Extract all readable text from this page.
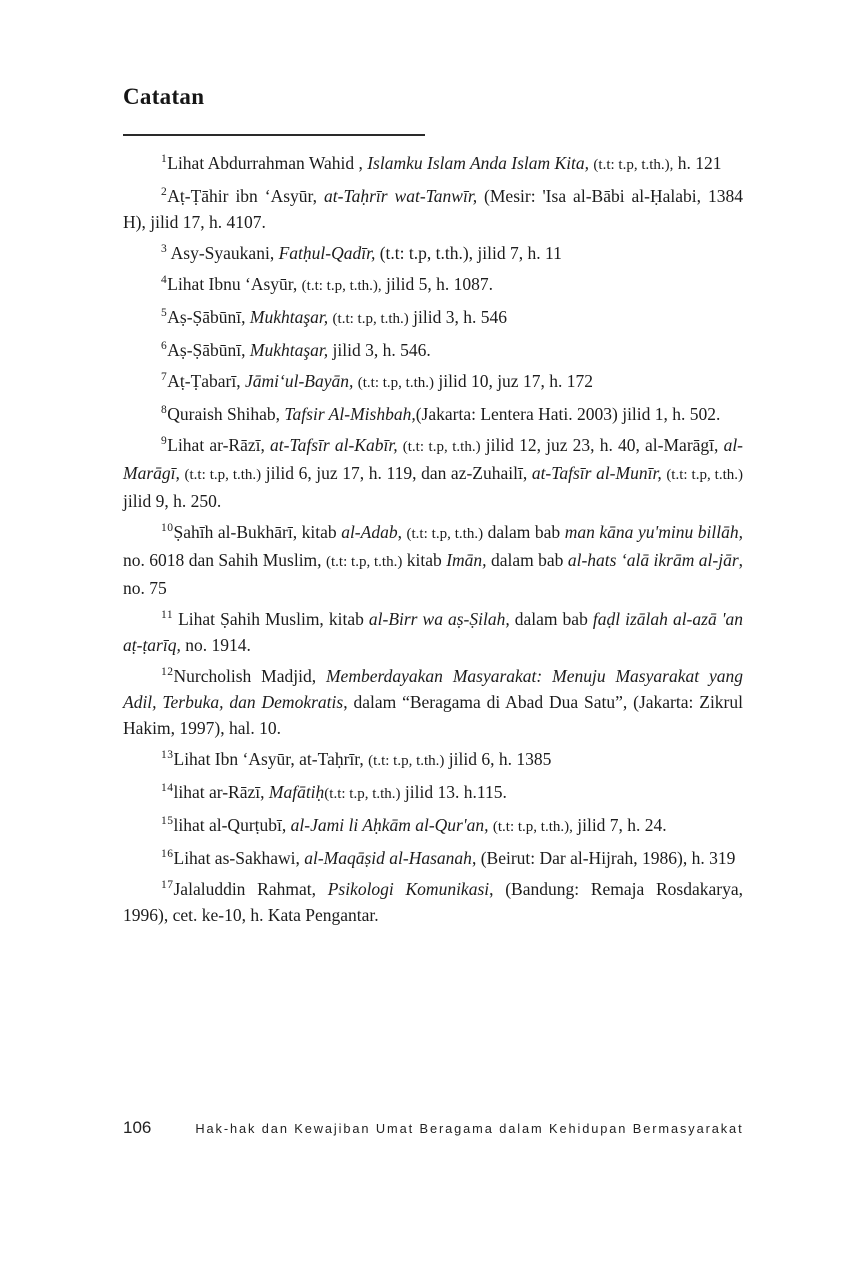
Catatan

$^1$Lihat Abdurrahman Wahid , Islamku Islam Anda Islam Kita, (t.t: t.p, t.th.), h. 121

$^2$Aṭ-Ṭāhir ibn ‘Asyūr, at-Taḥrīr wat-Tanwīr, (Mesir: 'Isa al-Bābi al-Ḥalabi, 1384 H), jilid 17, h. 4107.

$^3$ Asy-Syaukani, Fatḥul-Qadīr, (t.t: t.p, t.th.), jilid 7, h. 11

$^4$Lihat Ibnu ‘Asyūr, (t.t: t.p, t.th.), jilid 5, h. 1087.

$^5$Aṣ-Ṣābūnī, Mukhtaşar, (t.t: t.p, t.th.) jilid 3, h. 546

$^6$Aṣ-Ṣābūnī, Mukhtaşar, jilid 3, h. 546.

$^7$Aṭ-Ṭabarī, Jāmi‘ul-Bayān, (t.t: t.p, t.th.) jilid 10, juz 17, h. 172

$^8$Quraish Shihab, Tafsir Al-Mishbah,(Jakarta: Lentera Hati. 2003) jilid 1, h. 502.

$^9$Lihat ar-Rāzī, at-Tafsīr al-Kabīr, (t.t: t.p, t.th.) jilid 12, juz 23, h. 40, al-Marāgī, al-Marāgī, (t.t: t.p, t.th.) jilid 6, juz 17, h. 119, dan az-Zuhailī, at-Tafsīr al-Munīr, (t.t: t.p, t.th.) jilid 9, h. 250.

$^{10}$Ṣahīh al-Bukhārī, kitab al-Adab, (t.t: t.p, t.th.) dalam bab man kāna yu'minu billāh, no. 6018 dan Sahih Muslim, (t.t: t.p, t.th.) kitab Imān, dalam bab al-hats ‘alā ikrām al-jār, no. 75

$^{11}$ Lihat Ṣahih Muslim, kitab al-Birr wa aṣ-Ṣilah, dalam bab faḍl izālah al-azā 'an aṭ-ṭarīq, no. 1914.

$^{12}$Nurcholish Madjid, Memberdayakan Masyarakat: Menuju Masyarakat yang Adil, Terbuka, dan Demokratis, dalam “Beragama di Abad Dua Satu”, (Jakarta: Zikrul Hakim, 1997), hal. 10.

$^{13}$Lihat Ibn ‘Asyūr, at-Taḥrīr, (t.t: t.p, t.th.) jilid 6, h. 1385

$^{14}$lihat ar-Rāzī, Mafātiḥ(t.t: t.p, t.th.) jilid 13. h.115.

$^{15}$lihat al-Qurṭubī, al-Jami li Aḥkām al-Qur'an, (t.t: t.p, t.th.), jilid 7, h. 24.

$^{16}$Lihat as-Sakhawi, al-Maqāṣid al-Hasanah, (Beirut: Dar al-Hijrah, 1986), h. 319

$^{17}$Jalaluddin Rahmat, Psikologi Komunikasi, (Bandung: Remaja Rosdakarya, 1996), cet. ke-10, h. Kata Pengantar.

106	Hak-hak dan Kewajiban Umat Beragama dalam Kehidupan Bermasyarakat
